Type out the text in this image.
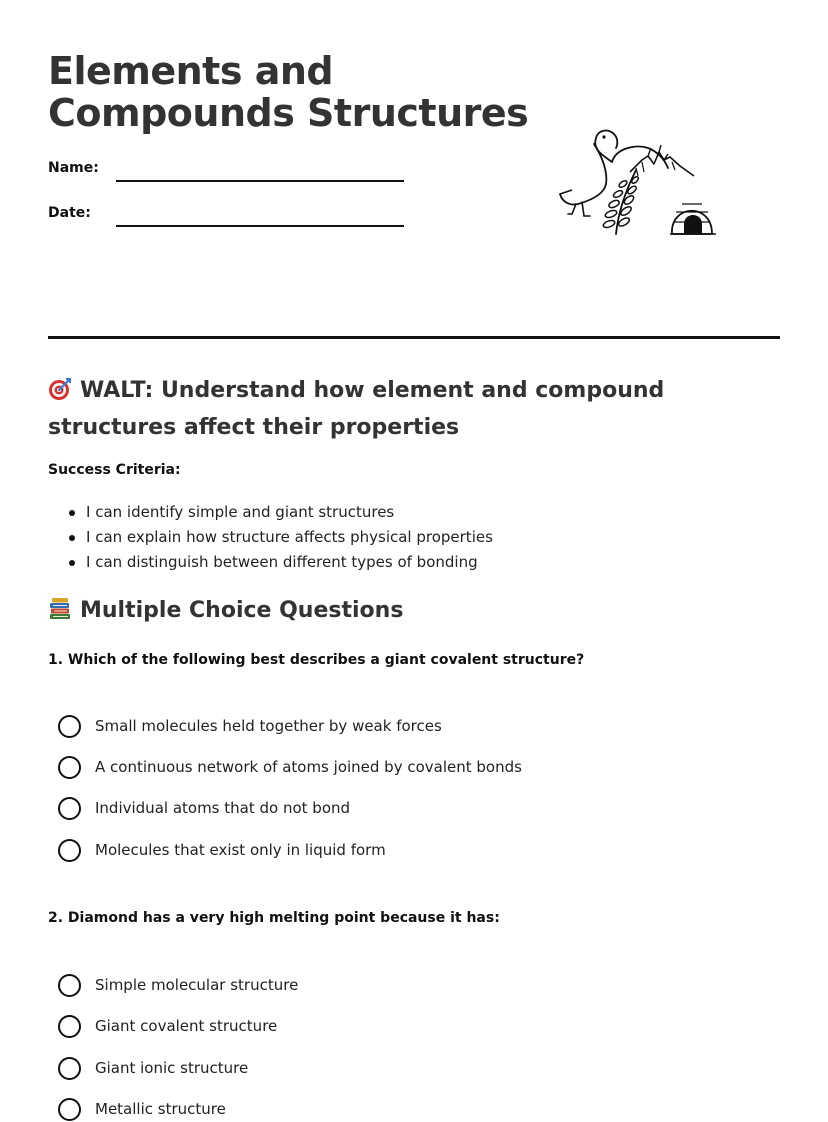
Elements and
Compounds Structures
Name:
Date:
WALT: Understand how element and compound structures affect their properties
Success Criteria:
I can identify simple and giant structures
I can explain how structure affects physical properties
I can distinguish between different types of bonding
Multiple Choice Questions

1. Which of the following best describes a giant covalent structure?

Small molecules held together by weak forces
A continuous network of atoms joined by covalent bonds
Individual atoms that do not bond
Molecules that exist only in liquid form

2. Diamond has a very high melting point because it has:

Simple molecular structure
Giant covalent structure
Giant ionic structure
Metallic structure
